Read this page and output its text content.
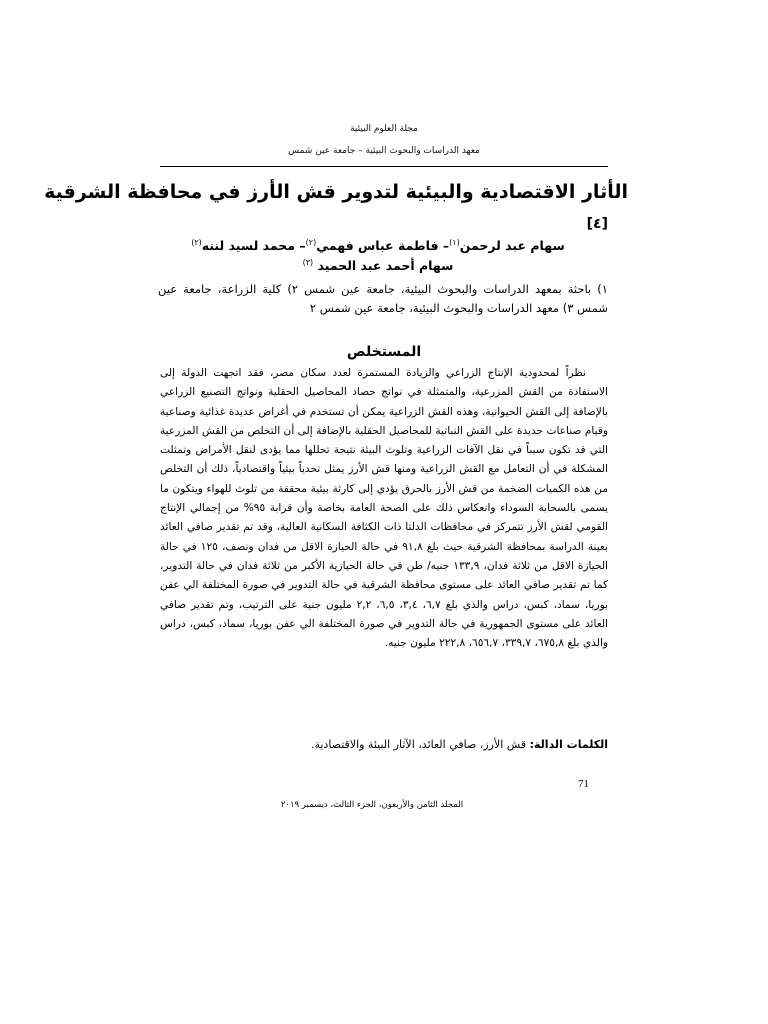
مجلة العلوم البيئية
معهد الدراسات والبحوث البيئية – جامعة عين شمس
الأثار الاقتصادية والبيئية لتدوير قش الأرز في محافظة الشرقية
[٤]
سهام عبد لرحمن$^{(١)}$– فاطمة عباس فهمي$^{(٢)}$– محمد لسيد لننه$^{(٢)}$
سهام أحمد عبد الحميد $^{(٣)}$
١) باحثة بمعهد الدراسات والبحوث البيئية، جامعة عين شمس ٢) كلية الزراعة، جامعة عين شمس ٣) معهد الدراسات والبحوث البيئية، جامعة عين شمس ٢
المستخلص
نظراً لمحدودية الإنتاج الزراعي والزيادة المستمرة لعدد سكان مصر، فقد اتجهت الدولة إلى الاستفادة من القش المزرعية، والمتمثلة في نواتج حصاد المحاصيل الحقلية ونواتج التصنيع الزراعي بالإضافة إلى القش الحيوانية، وهذه القش الزراعية يمكن أن تستخدم في أغراض عديدة غذائية وصناعية وقيام صناعات جديدة على القش النباتية للمحاصيل الحقلية بالإضافة إلى أن التخلص من القش المزرعية التي قد تكون سبباً في نقل الآفات الزراعية وتلوث البيئة نتيجة تحللها مما يؤدى لنقل الأمراض وتمثلت المشكلة في أن التعامل مع القش الزراعية ومنها قش الأرز يمثل تحدياً بيئياً واقتصادياً، ذلك أن التخلص من هذه الكميات الضخمة من قش الأرز بالحرق يؤدي إلى كارثة بيئية محققة من تلوث للهواء ويتكون ما يسمى بالسحابة السوداء وانعكاس ذلك على الصحة العامة بخاصة وأن قرابة ٩٥% من إجمالي الإنتاج القومي لقش الأرز تتمركز في محافظات الدلتا ذات الكثافة السكانية العالية، وقد تم تقدير صافي العائد بعينة الدراسة بمحافظة الشرقية حيث بلغ ٩١,٨ في حالة الحيازة الاقل من فدان ونصف، ١٢٥ في حالة الحيازة الاقل من ثلاثة فدان، ١٣٣,٩ جنيه/ طن في حالة الحيازية الأكبر من ثلاثة فدان في حالة التدوير، كما تم تقدير صافي العائد على مستوى محافظة الشرقية في حالة التدوير في صورة المختلفة الي عفن بوريا، سماد، كبس، دراس والذي بلغ ٦,٧، ٣,٤، ٦,٥، ٢,٢ مليون جنية على الترتيب، وتم تقدير صافي العائد على مستوى الجمهورية في حالة التدوير في صورة المختلفة الي عفن بوريا، سماد، كبس، دراس والذي بلغ ٦٧٥,٨، ٣٣٩,٧، ٦٥٦,٧، ٢٢٢,٨ مليون جنيه.
الكلمات الدالة: قش الأرز، صافي العائد، الآثار البيئة والاقتصادية.
71
المجلد الثامن والأربعون، الجزء الثالث، ديسمبر ٢٠١٩
